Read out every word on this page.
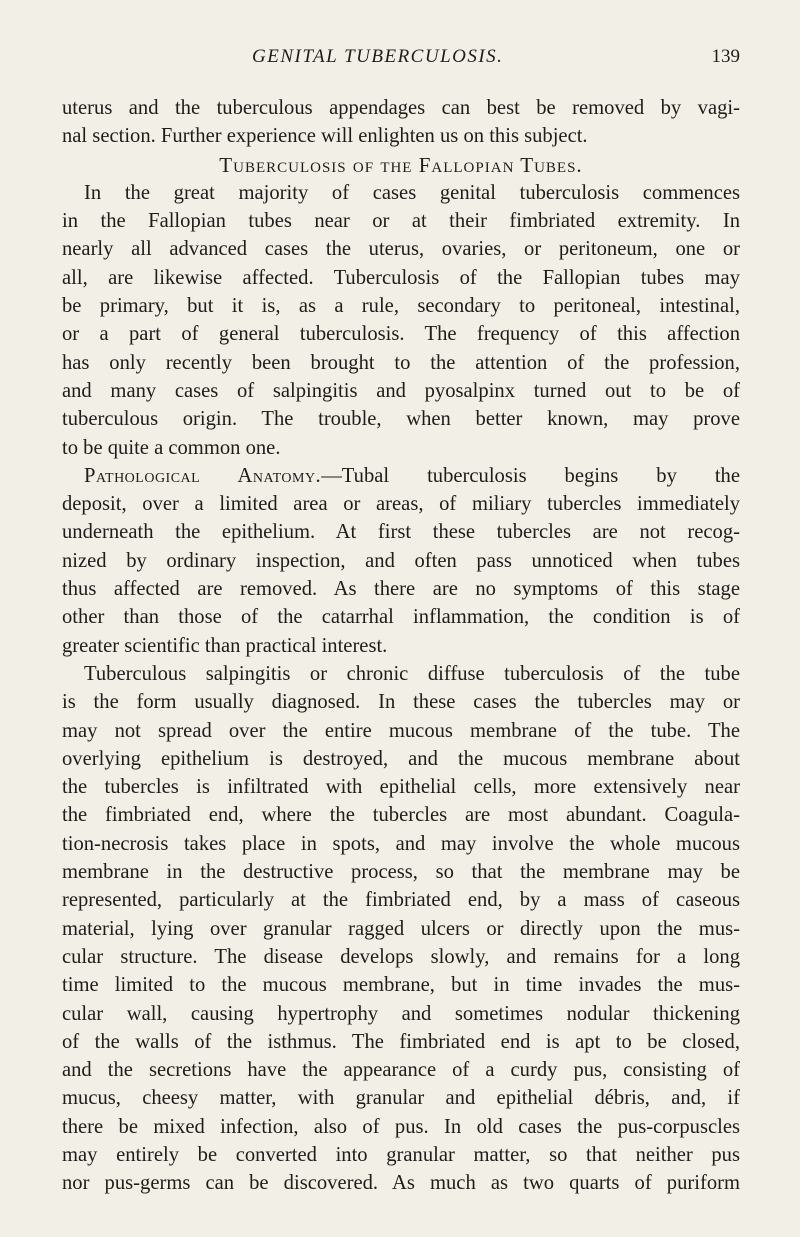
GENITAL TUBERCULOSIS.	139
uterus and the tuberculous appendages can best be removed by vagi-
nal section. Further experience will enlighten us on this subject.
Tuberculosis of the Fallopian Tubes.
In the great majority of cases genital tuberculosis commences
in the Fallopian tubes near or at their fimbriated extremity. In
nearly all advanced cases the uterus, ovaries, or peritoneum, one or
all, are likewise affected. Tuberculosis of the Fallopian tubes may
be primary, but it is, as a rule, secondary to peritoneal, intestinal,
or a part of general tuberculosis. The frequency of this affection
has only recently been brought to the attention of the profession,
and many cases of salpingitis and pyosalpinx turned out to be of
tuberculous origin. The trouble, when better known, may prove
to be quite a common one.
Pathological Anatomy.—Tubal tuberculosis begins by the
deposit, over a limited area or areas, of miliary tubercles immediately
underneath the epithelium. At first these tubercles are not recog-
nized by ordinary inspection, and often pass unnoticed when tubes
thus affected are removed. As there are no symptoms of this stage
other than those of the catarrhal inflammation, the condition is of
greater scientific than practical interest.
Tuberculous salpingitis or chronic diffuse tuberculosis of the tube
is the form usually diagnosed. In these cases the tubercles may or
may not spread over the entire mucous membrane of the tube. The
overlying epithelium is destroyed, and the mucous membrane about
the tubercles is infiltrated with epithelial cells, more extensively near
the fimbriated end, where the tubercles are most abundant. Coagula-
tion-necrosis takes place in spots, and may involve the whole mucous
membrane in the destructive process, so that the membrane may be
represented, particularly at the fimbriated end, by a mass of caseous
material, lying over granular ragged ulcers or directly upon the mus-
cular structure. The disease develops slowly, and remains for a long
time limited to the mucous membrane, but in time invades the mus-
cular wall, causing hypertrophy and sometimes nodular thickening
of the walls of the isthmus. The fimbriated end is apt to be closed,
and the secretions have the appearance of a curdy pus, consisting of
mucus, cheesy matter, with granular and epithelial débris, and, if
there be mixed infection, also of pus. In old cases the pus-corpuscles
may entirely be converted into granular matter, so that neither pus
nor pus-germs can be discovered. As much as two quarts of puriform
